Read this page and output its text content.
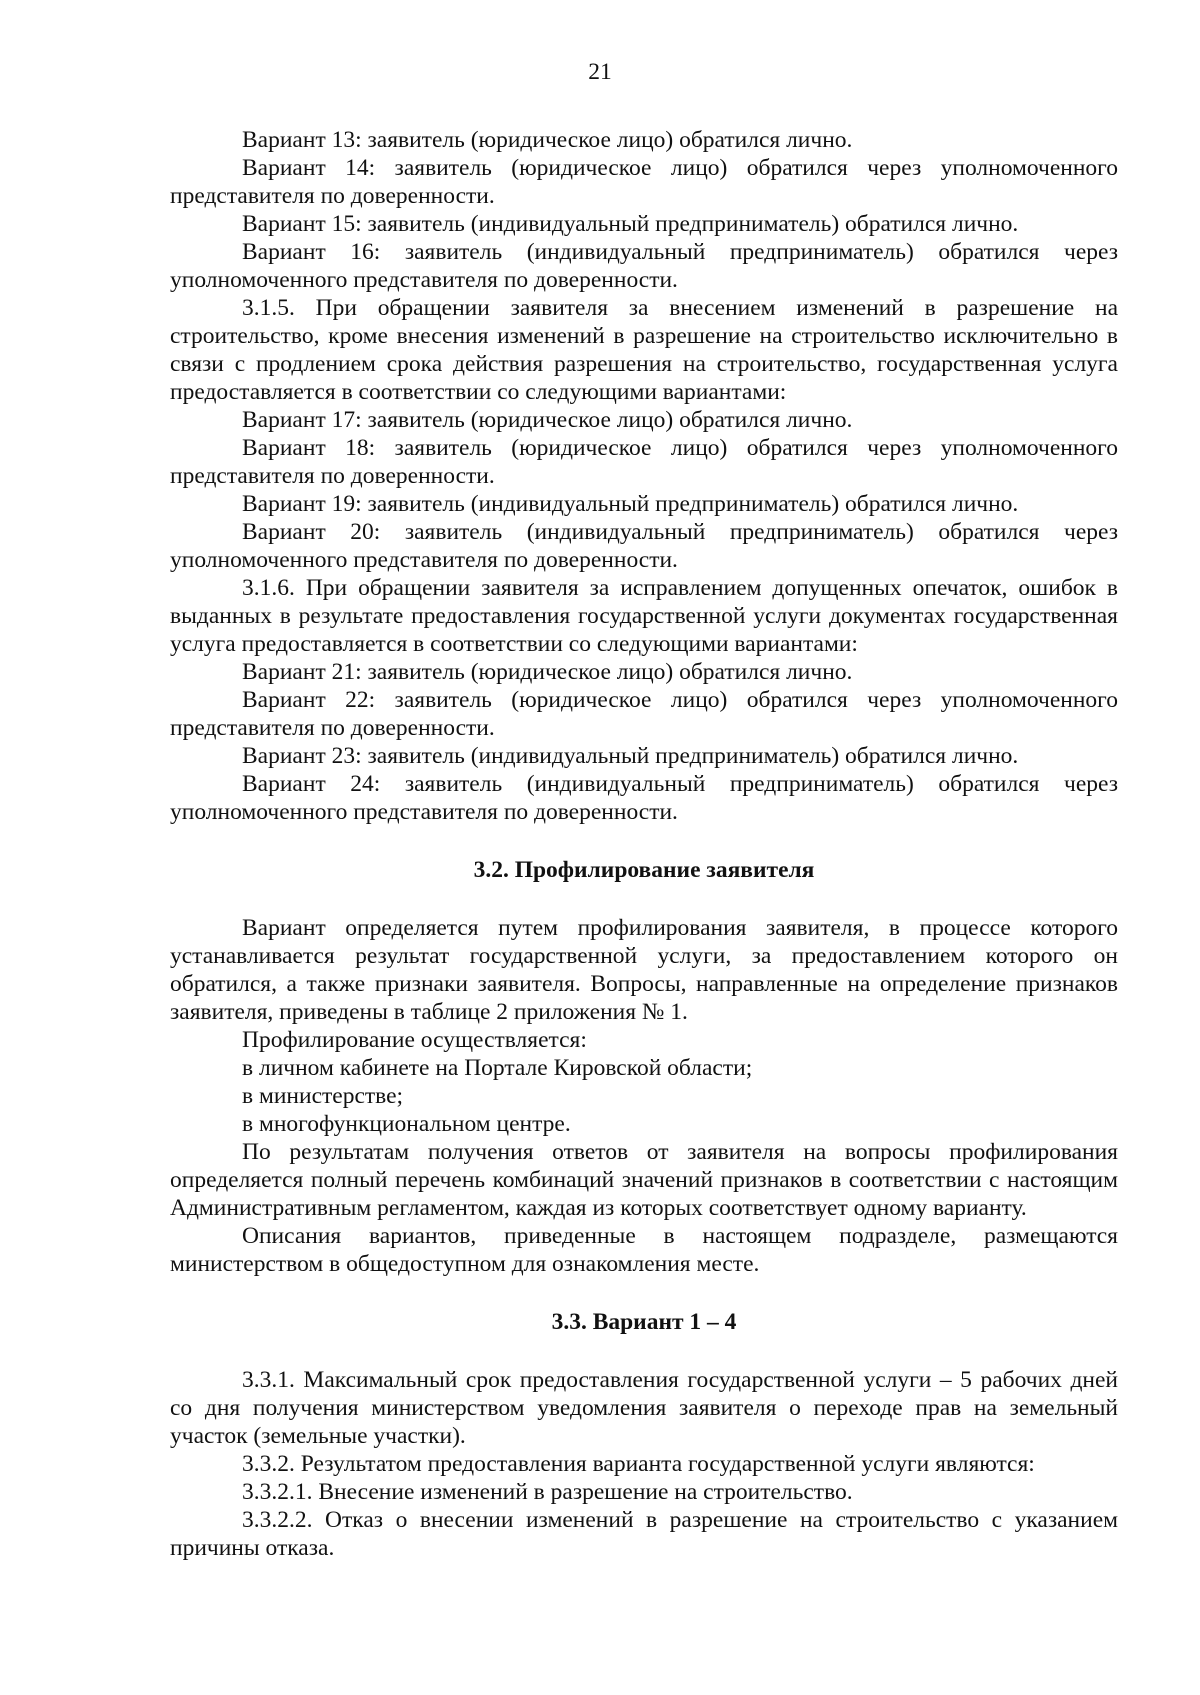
21

Вариант 13: заявитель (юридическое лицо) обратился лично.

Вариант 14: заявитель (юридическое лицо) обратился через уполномоченного представителя по доверенности.

Вариант 15: заявитель (индивидуальный предприниматель) обратился лично.

Вариант 16: заявитель (индивидуальный предприниматель) обратился через уполномоченного представителя по доверенности.

3.1.5. При обращении заявителя за внесением изменений в разрешение на строительство, кроме внесения изменений в разрешение на строительство исключительно в связи с продлением срока действия разрешения на строительство, государственная услуга предоставляется в соответствии со следующими вариантами:

Вариант 17: заявитель (юридическое лицо) обратился лично.

Вариант 18: заявитель (юридическое лицо) обратился через уполномоченного представителя по доверенности.

Вариант 19: заявитель (индивидуальный предприниматель) обратился лично.

Вариант 20: заявитель (индивидуальный предприниматель) обратился через уполномоченного представителя по доверенности.

3.1.6. При обращении заявителя за исправлением допущенных опечаток, ошибок в выданных в результате предоставления государственной услуги документах государственная услуга предоставляется в соответствии со следующими вариантами:

Вариант 21: заявитель (юридическое лицо) обратился лично.

Вариант 22: заявитель (юридическое лицо) обратился через уполномоченного представителя по доверенности.

Вариант 23: заявитель (индивидуальный предприниматель) обратился лично.

Вариант 24: заявитель (индивидуальный предприниматель) обратился через уполномоченного представителя по доверенности.

3.2. Профилирование заявителя

Вариант определяется путем профилирования заявителя, в процессе которого устанавливается результат государственной услуги, за предоставлением которого он обратился, а также признаки заявителя. Вопросы, направленные на определение признаков заявителя, приведены в таблице 2 приложения № 1.

Профилирование осуществляется:

в личном кабинете на Портале Кировской области;

в министерстве;

в многофункциональном центре.

По результатам получения ответов от заявителя на вопросы профилирования определяется полный перечень комбинаций значений признаков в соответствии с настоящим Административным регламентом, каждая из которых соответствует одному варианту.

Описания вариантов, приведенные в настоящем подразделе, размещаются министерством в общедоступном для ознакомления месте.

3.3. Вариант 1 – 4

3.3.1. Максимальный срок предоставления государственной услуги – 5 рабочих дней со дня получения министерством уведомления заявителя о переходе прав на земельный участок (земельные участки).

3.3.2. Результатом предоставления варианта государственной услуги являются:

3.3.2.1. Внесение изменений в разрешение на строительство.

3.3.2.2. Отказ о внесении изменений в разрешение на строительство с указанием причины отказа.
